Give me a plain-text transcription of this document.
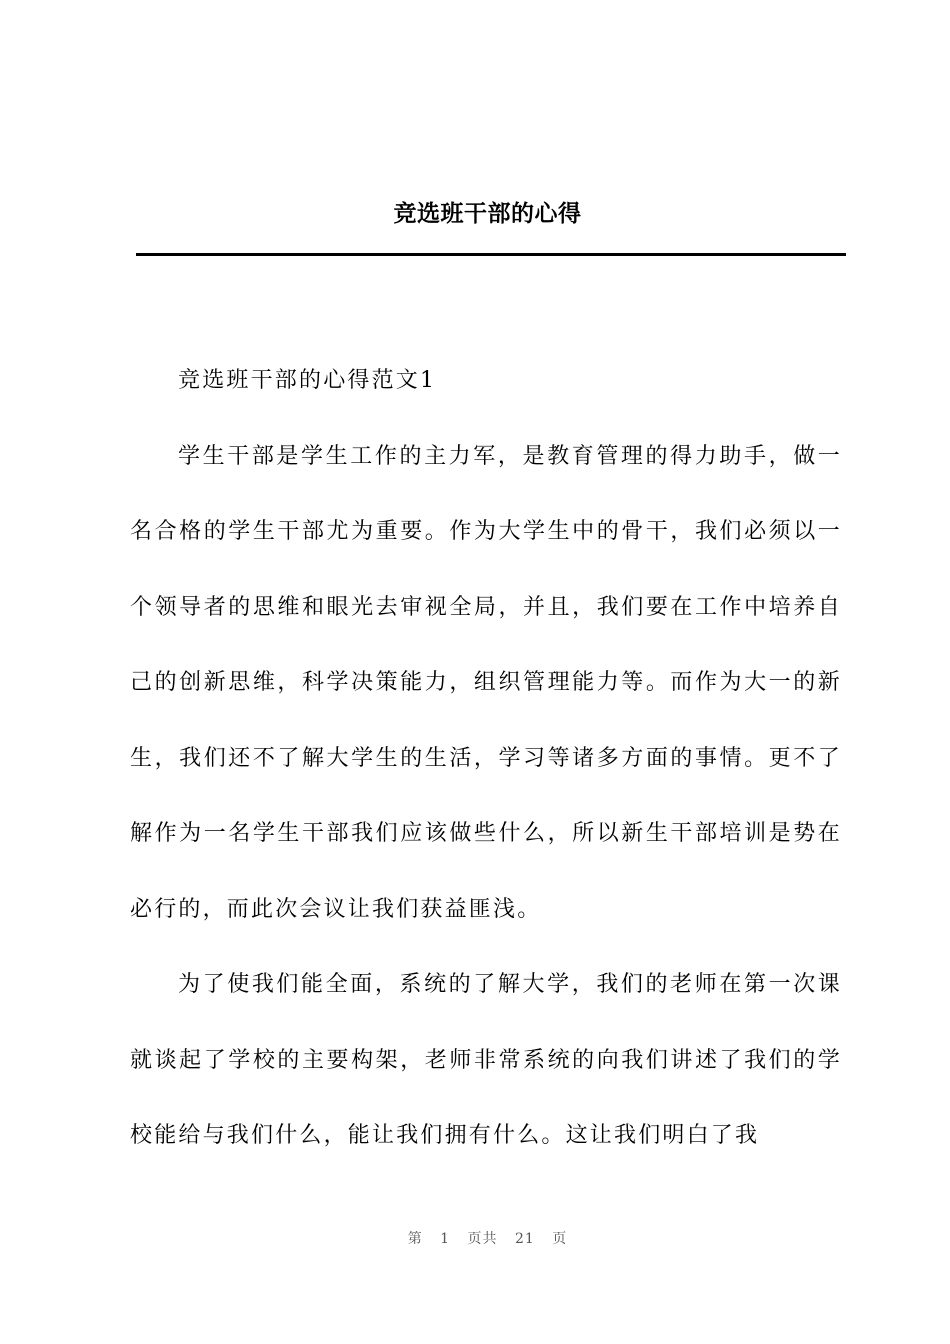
竞选班干部的心得

竞选班干部的心得范文1

学生干部是学生工作的主力军，是教育管理的得力助手，做一名合格的学生干部尤为重要。作为大学生中的骨干，我们必须以一个领导者的思维和眼光去审视全局，并且，我们要在工作中培养自己的创新思维，科学决策能力，组织管理能力等。而作为大一的新生，我们还不了解大学生的生活，学习等诸多方面的事情。更不了解作为一名学生干部我们应该做些什么，所以新生干部培训是势在必行的，而此次会议让我们获益匪浅。

为了使我们能全面，系统的了解大学，我们的老师在第一次课就谈起了学校的主要构架，老师非常系统的向我们讲述了我们的学校能给与我们什么，能让我们拥有什么。这让我们明白了我

第 1 页共 21 页
